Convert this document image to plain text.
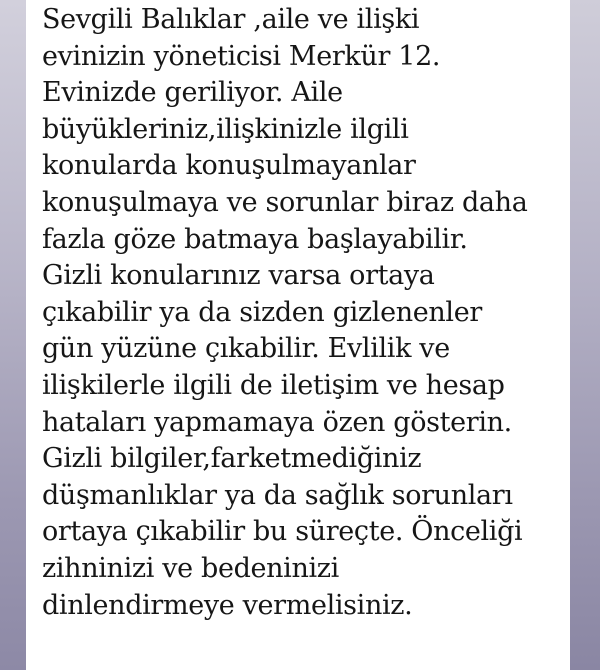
Sevgili Balıklar ,aile ve ilişki
evinizin yöneticisi Merkür 12.
Evinizde geriliyor. Aile
büyükleriniz,ilişkinizle ilgili
konularda konuşulmayanlar
konuşulmaya ve sorunlar biraz daha
fazla göze batmaya başlayabilir.
Gizli konularınız varsa ortaya
çıkabilir ya da sizden gizlenenler
gün yüzüne çıkabilir. Evlilik ve
ilişkilerle ilgili de iletişim ve hesap
hataları yapmamaya özen gösterin.
Gizli bilgiler,farketmediğiniz
düşmanlıklar ya da sağlık sorunları
ortaya çıkabilir bu süreçte. Önceliği
zihninizi ve bedeninizi
dinlendirmeye vermelisiniz.
